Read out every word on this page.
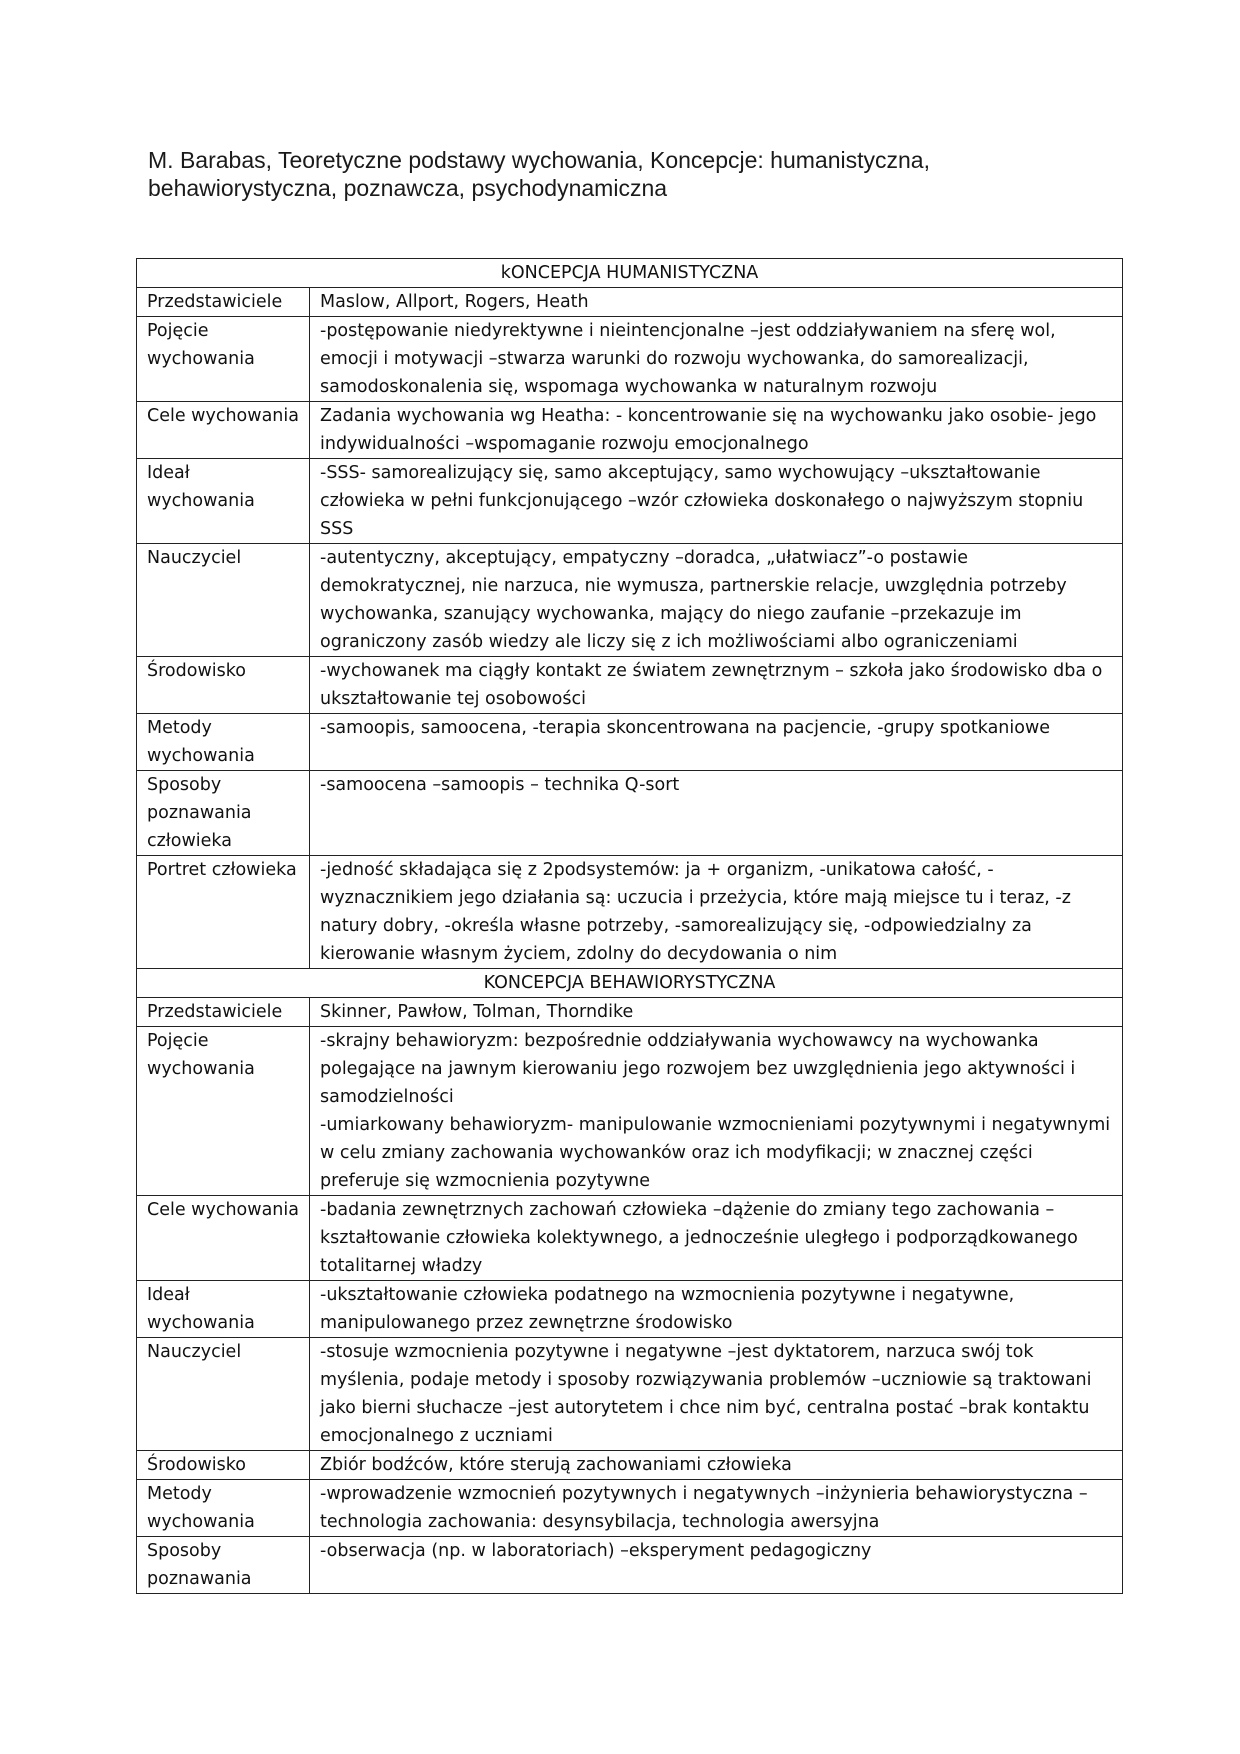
M. Barabas, Teoretyczne podstawy wychowania, Koncepcje: humanistyczna,
behawiorystyczna, poznawcza, psychodynamiczna
kONCEPCJA HUMANISTYCZNA	
Przedstawiciele	Maslow, Allport, Rogers, Heath
Pojęcie wychowania	-postępowanie niedyrektywne i nieintencjonalne –jest oddziaływaniem na sferę wol, emocji i motywacji –stwarza warunki do rozwoju wychowanka, do samorealizacji, samodoskonalenia się, wspomaga wychowanka w naturalnym rozwoju
Cele wychowania	Zadania wychowania wg Heatha: - koncentrowanie się na wychowanku jako osobie- jego indywidualności –wspomaganie rozwoju emocjonalnego
Ideał wychowania	-SSS- samorealizujący się, samo akceptujący, samo wychowujący –ukształtowanie człowieka w pełni funkcjonującego –wzór człowieka doskonałego o najwyższym stopniu SSS
Nauczyciel	-autentyczny, akceptujący, empatyczny –doradca, „ułatwiacz”-o postawie demokratycznej, nie narzuca, nie wymusza, partnerskie relacje, uwzględnia potrzeby wychowanka, szanujący wychowanka, mający do niego zaufanie –przekazuje im ograniczony zasób wiedzy ale liczy się z ich możliwościami albo ograniczeniami
Środowisko	-wychowanek ma ciągły kontakt ze światem zewnętrznym – szkoła jako środowisko dba o ukształtowanie tej osobowości
Metody wychowania	-samoopis, samoocena, -terapia skoncentrowana na pacjencie, -grupy spotkaniowe
Sposoby poznawania człowieka	-samoocena –samoopis – technika Q-sort
Portret człowieka	-jedność składająca się z 2podsystemów: ja + organizm, -unikatowa całość, -wyznacznikiem jego działania są: uczucia i przeżycia, które mają miejsce tu i teraz, -z natury dobry, -określa własne potrzeby, -samorealizujący się, -odpowiedzialny za kierowanie własnym życiem, zdolny do decydowania o nim
KONCEPCJA BEHAWIORYSTYCZNA	
Przedstawiciele	Skinner, Pawłow, Tolman, Thorndike
Pojęcie wychowania	-skrajny behawioryzm: bezpośrednie oddziaływania wychowawcy na wychowanka polegające na jawnym kierowaniu jego rozwojem bez uwzględnienia jego aktywności i samodzielności
-umiarkowany behawioryzm- manipulowanie wzmocnieniami pozytywnymi i negatywnymi w celu zmiany zachowania wychowanków oraz ich modyfikacji; w znacznej części preferuje się wzmocnienia pozytywne

Cele wychowania	-badania zewnętrznych zachowań człowieka –dążenie do zmiany tego zachowania –kształtowanie człowieka kolektywnego, a jednocześnie uległego i podporządkowanego totalitarnej władzy
Ideał wychowania	-ukształtowanie człowieka podatnego na wzmocnienia pozytywne i negatywne, manipulowanego przez zewnętrzne środowisko
Nauczyciel	-stosuje wzmocnienia pozytywne i negatywne –jest dyktatorem, narzuca swój tok myślenia, podaje metody i sposoby rozwiązywania problemów –uczniowie są traktowani jako bierni słuchacze –jest autorytetem i chce nim być, centralna postać –brak kontaktu emocjonalnego z uczniami
Środowisko	Zbiór bodźców, które sterują zachowaniami człowieka
Metody wychowania	-wprowadzenie wzmocnień pozytywnych i negatywnych –inżynieria behawiorystyczna –technologia zachowania: desynsybilacja, technologia awersyjna
Sposoby poznawania	-obserwacja (np. w laboratoriach) –eksperyment pedagogiczny
